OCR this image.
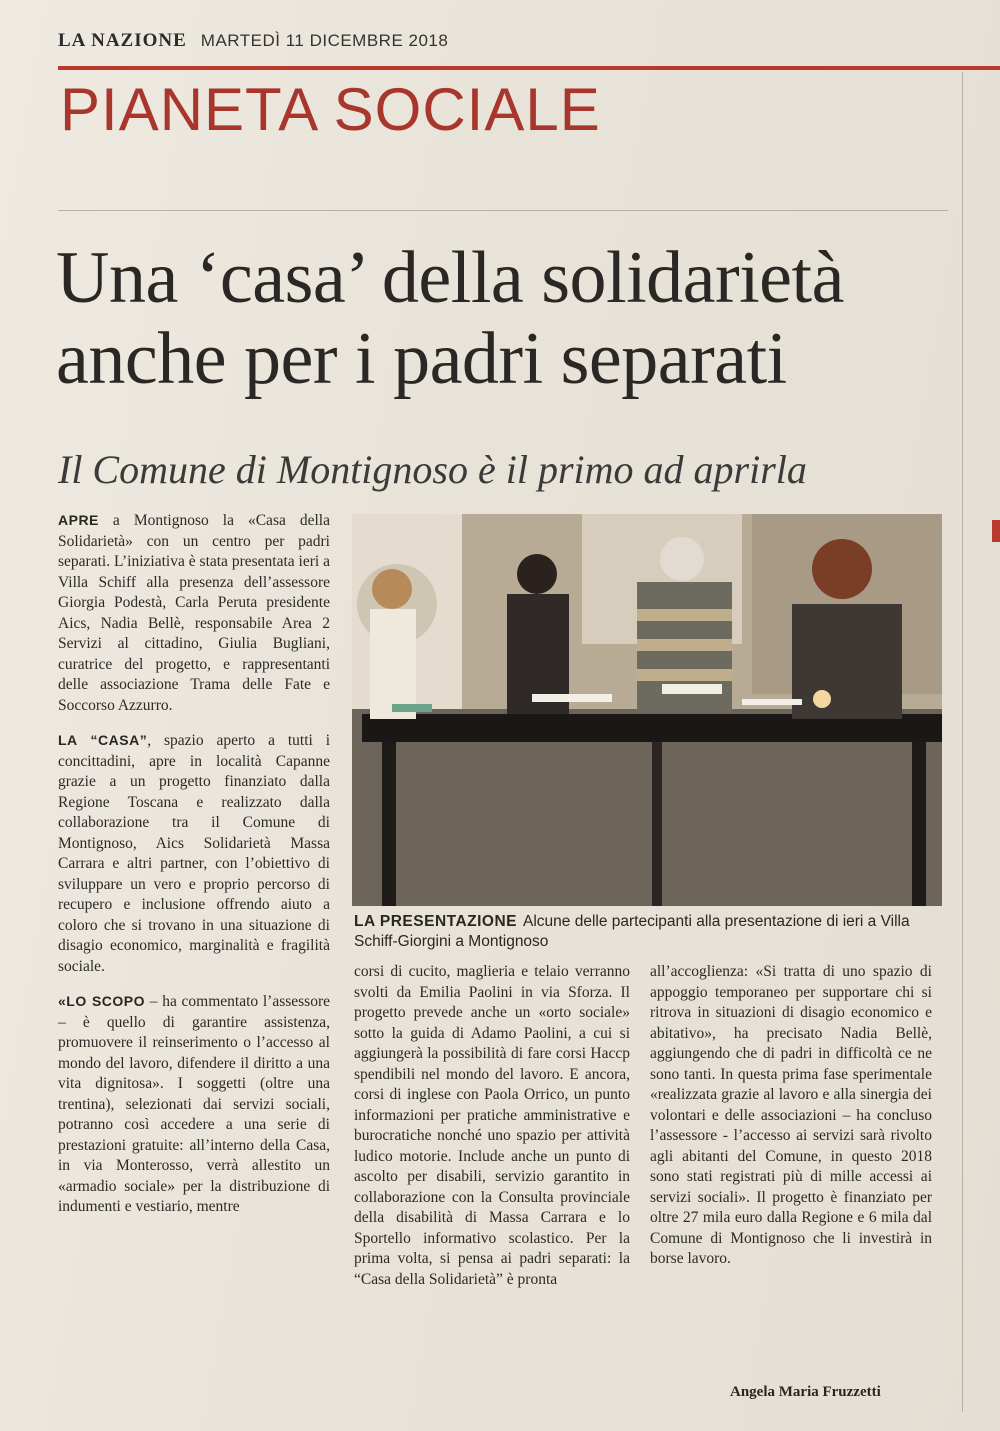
LA NAZIONE MARTEDÌ 11 DICEMBRE 2018
PIANETA SOCIALE
Una ‘casa’ della solidarietà
anche per i padri separati
Il Comune di Montignoso è il primo ad aprirla

APRE a Montignoso la «Casa della Solidarietà» con un centro per padri separati. L’iniziativa è stata presentata ieri a Villa Schiff alla presenza dell’assessore Giorgia Podestà, Carla Peruta presidente Aics, Nadia Bellè, responsabile Area 2 Servizi al cittadino, Giulia Bugliani, curatrice del progetto, e rappresentanti delle associazione Trama delle Fate e Soccorso Azzurro.

LA “CASA”, spazio aperto a tutti i concittadini, apre in località Capanne grazie a un progetto finanziato dalla Regione Toscana e realizzato dalla collaborazione tra il Comune di Montignoso, Aics Solidarietà Massa Carrara e altri partner, con l’obiettivo di sviluppare un vero e proprio percorso di recupero e inclusione offrendo aiuto a coloro che si trovano in una situazione di disagio economico, marginalità e fragilità sociale.

«LO SCOPO – ha commentato l’assessore – è quello di garantire assistenza, promuovere il reinserimento o l’accesso al mondo del lavoro, difendere il diritto a una vita dignitosa». I soggetti (oltre una trentina), selezionati dai servizi sociali, potranno così accedere a una serie di prestazioni gratuite: all’interno della Casa, in via Monterosso, verrà allestito un «armadio sociale» per la distribuzione di indumenti e vestiario, mentre

LA PRESENTAZIONE Alcune delle partecipanti alla presentazione di ieri a Villa Schiff-Giorgini a Montignoso

corsi di cucito, maglieria e telaio verranno svolti da Emilia Paolini in via Sforza. Il progetto prevede anche un «orto sociale» sotto la guida di Adamo Paolini, a cui si aggiungerà la possibilità di fare corsi Haccp spendibili nel mondo del lavoro. E ancora, corsi di inglese con Paola Orrico, un punto informazioni per pratiche amministrative e burocratiche nonché uno spazio per attività ludico motorie. Include anche un punto di ascolto per disabili, servizio garantito in collaborazione con la Consulta provinciale della disabilità di Massa Carrara e lo Sportello informativo scolastico. Per la prima volta, si pensa ai padri separati: la “Casa della Solidarietà” è pronta

all’accoglienza: «Si tratta di uno spazio di appoggio temporaneo per supportare chi si ritrova in situazioni di disagio economico e abitativo», ha precisato Nadia Bellè, aggiungendo che di padri in difficoltà ce ne sono tanti. In questa prima fase sperimentale «realizzata grazie al lavoro e alla sinergia dei volontari e delle associazioni – ha concluso l’assessore - l’accesso ai servizi sarà rivolto agli abitanti del Comune, in questo 2018 sono stati registrati più di mille accessi ai servizi sociali». Il progetto è finanziato per oltre 27 mila euro dalla Regione e 6 mila dal Comune di Montignoso che li investirà in borse lavoro.

Angela Maria Fruzzetti
